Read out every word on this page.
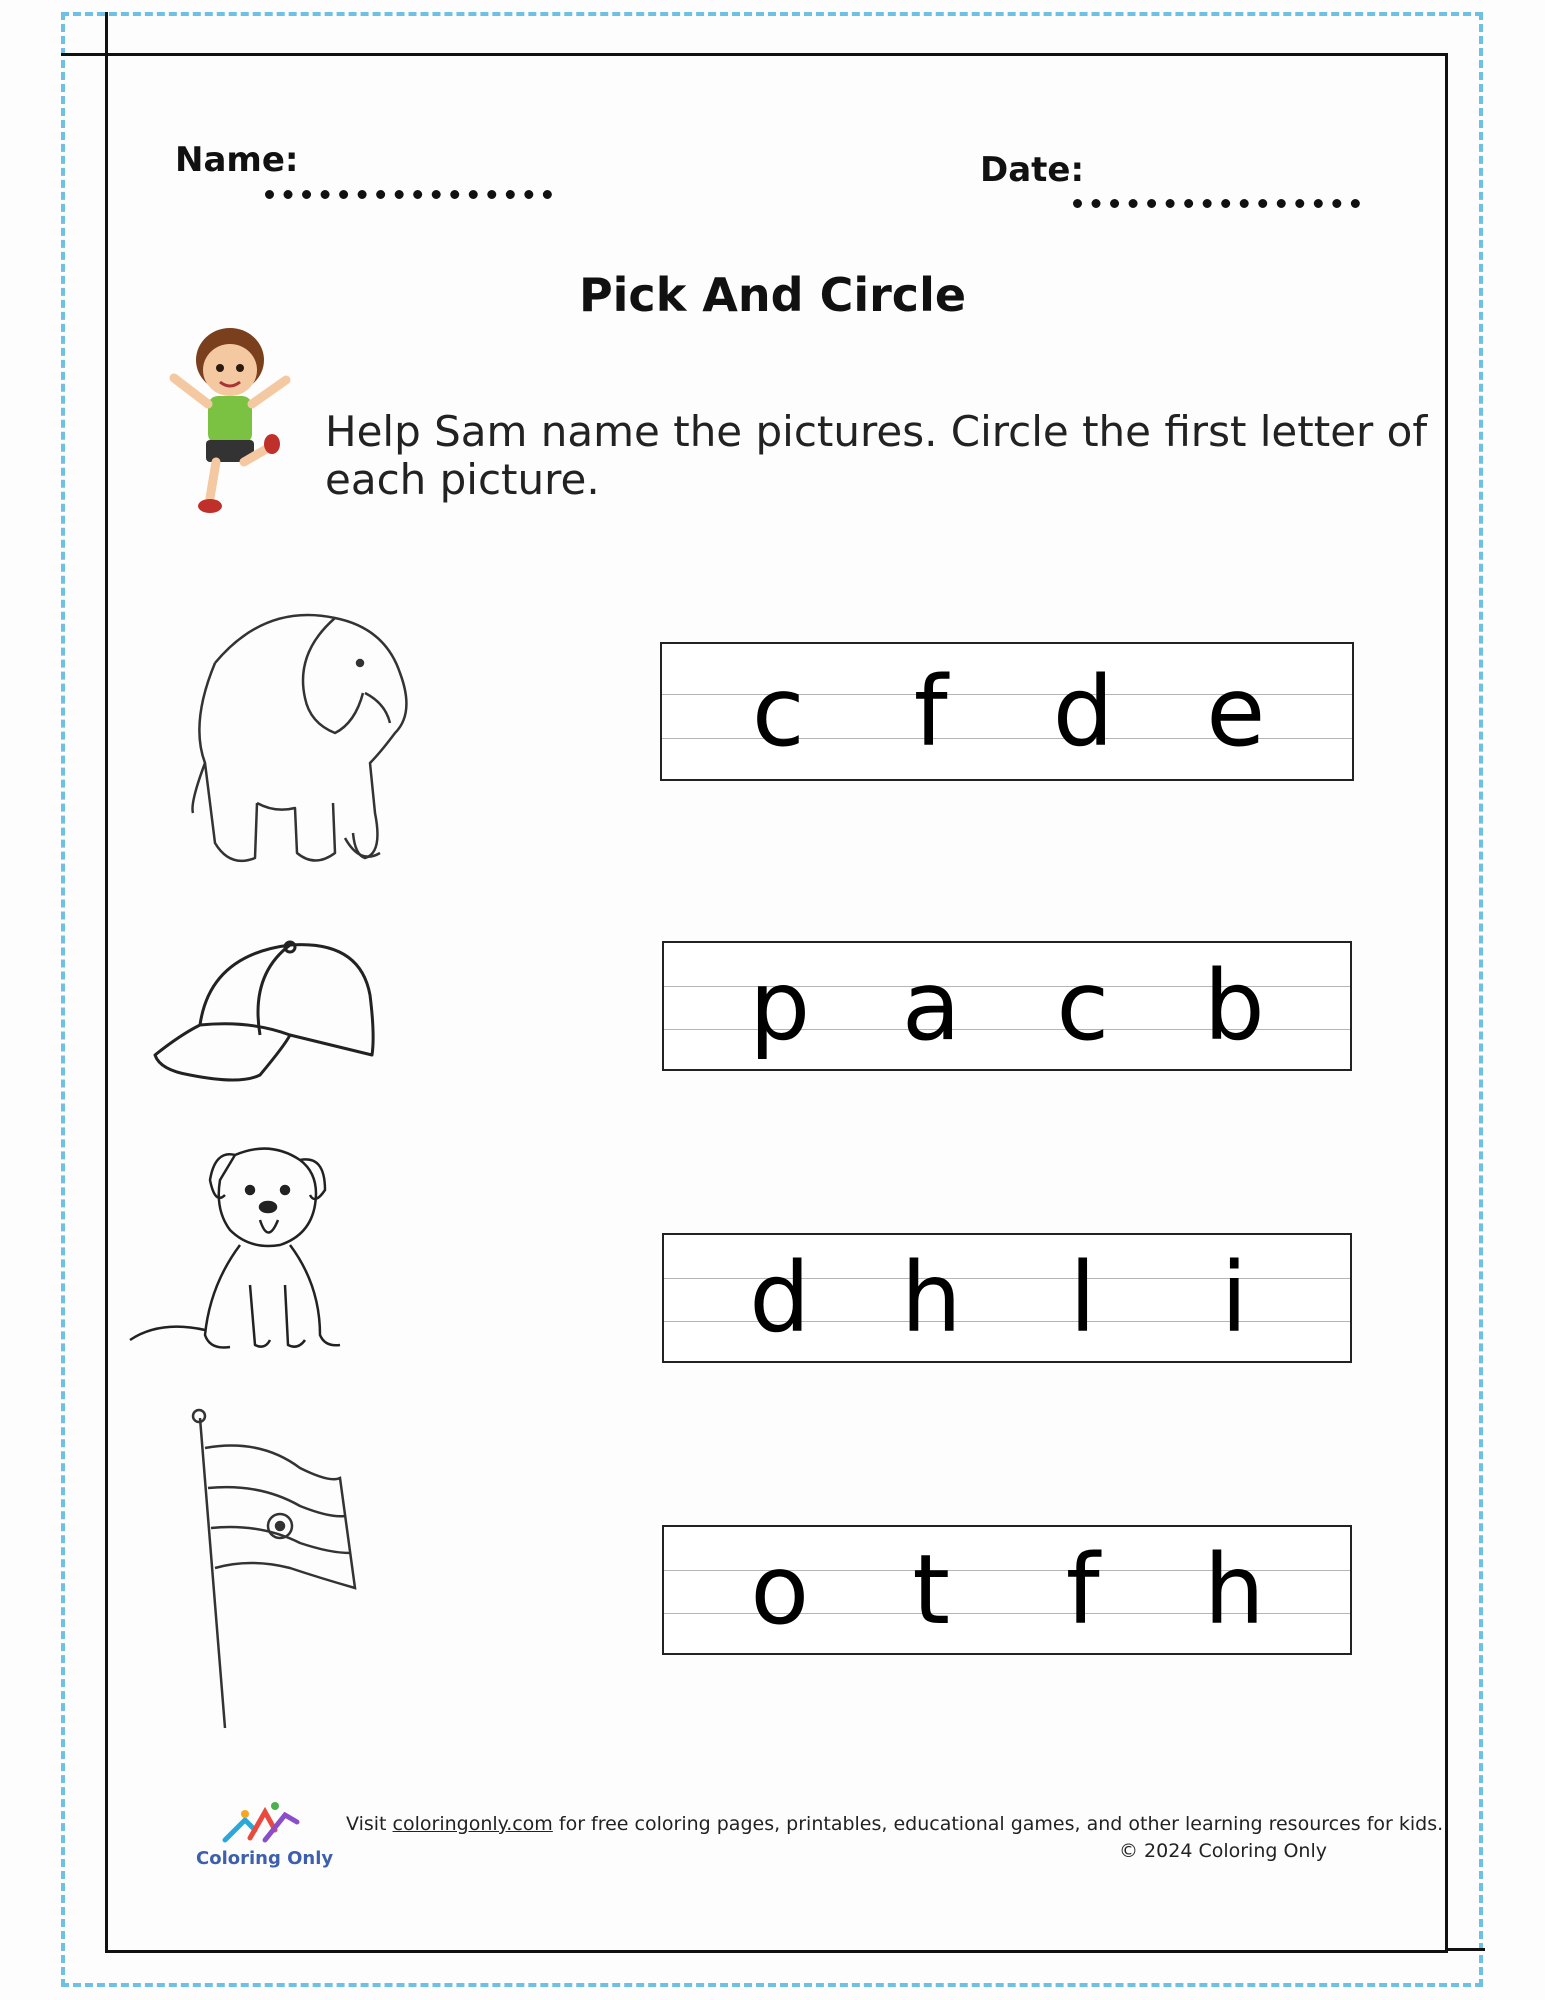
Name:	Date:
Pick And Circle
Help Sam name the pictures. Circle the first letter of each picture.
c	f	d e
p a c b
d h	l	i
o	t	f	h
Coloring Only
Visit coloringonly.com for free coloring pages, printables, educational games, and other learning resources for kids.
© 2024 Coloring Only
